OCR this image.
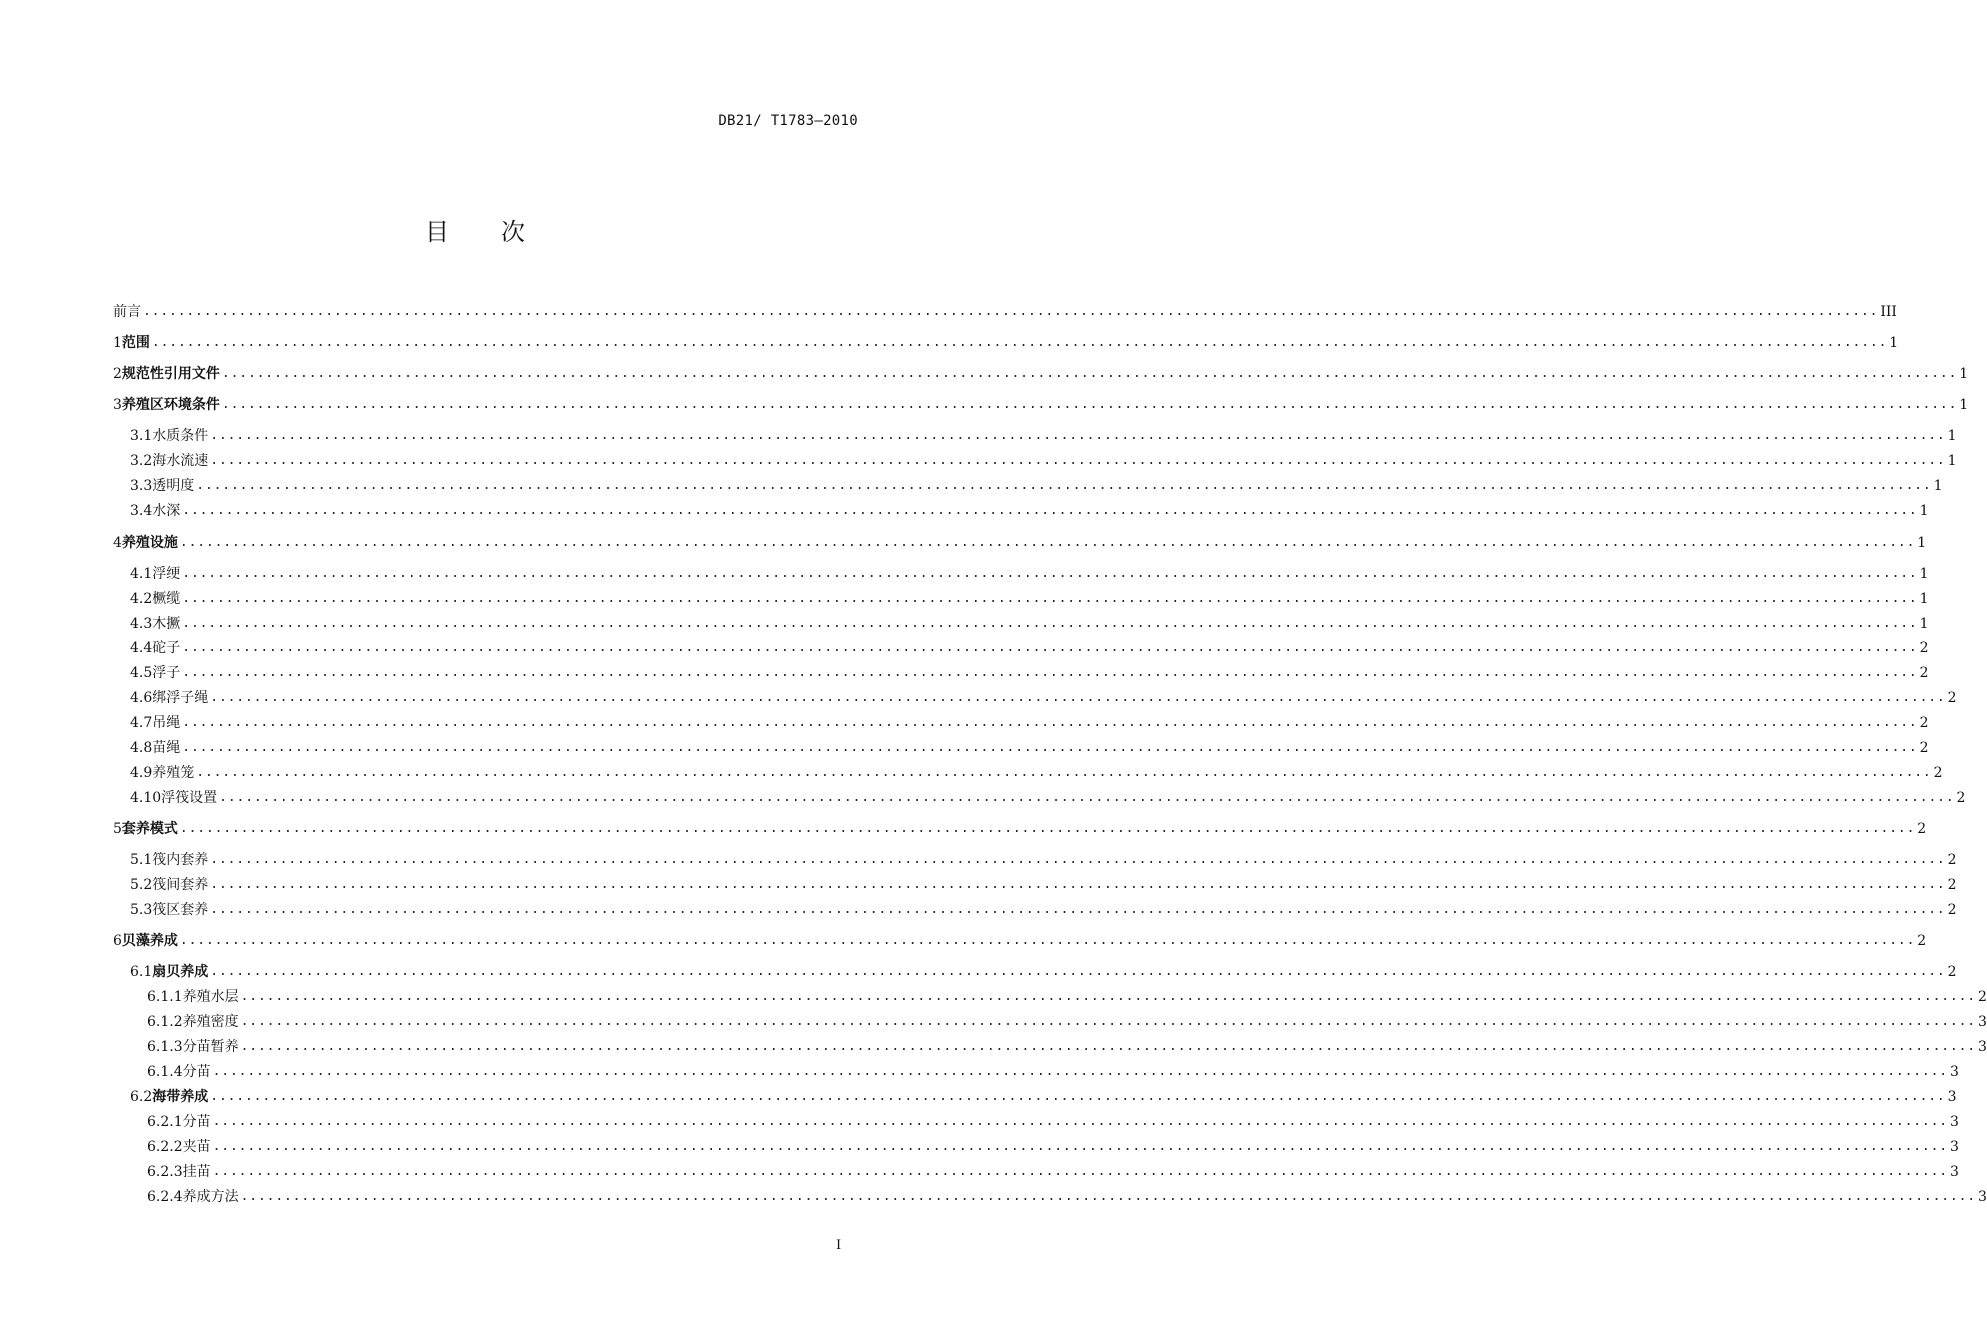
DB21/ T1783—2010
目 次
前言 ........................................................................................................................................................................................................ III
1 范围 ........................................................................................................................................................................................................ 1
2 规范性引用文件 ........................................................................................................................................................................................................ 1
3 养殖区环境条件 ........................................................................................................................................................................................................ 1
3.1 水质条件 ........................................................................................................................................................................................................ 1
3.2 海水流速 ........................................................................................................................................................................................................ 1
3.3 透明度 ........................................................................................................................................................................................................ 1
3.4 水深 ........................................................................................................................................................................................................ 1
4 养殖设施 ........................................................................................................................................................................................................ 1
4.1 浮绠 ........................................................................................................................................................................................................ 1
4.2 橛缆 ........................................................................................................................................................................................................ 1
4.3 木撅 ........................................................................................................................................................................................................ 1
4.4 砣子 ........................................................................................................................................................................................................ 2
4.5 浮子 ........................................................................................................................................................................................................ 2
4.6 绑浮子绳 ........................................................................................................................................................................................................ 2
4.7 吊绳 ........................................................................................................................................................................................................ 2
4.8 苗绳 ........................................................................................................................................................................................................ 2
4.9 养殖笼 ........................................................................................................................................................................................................ 2
4.10 浮筏设置 ........................................................................................................................................................................................................ 2
5 套养模式 ........................................................................................................................................................................................................ 2
5.1 筏内套养 ........................................................................................................................................................................................................ 2
5.2 筏间套养 ........................................................................................................................................................................................................ 2
5.3 筏区套养 ........................................................................................................................................................................................................ 2
6 贝藻养成 ........................................................................................................................................................................................................ 2
6.1 扇贝养成 ........................................................................................................................................................................................................ 2
6.1.1 养殖水层 ........................................................................................................................................................................................................ 2
6.1.2 养殖密度 ........................................................................................................................................................................................................ 3
6.1.3 分苗暂养 ........................................................................................................................................................................................................ 3
6.1.4 分苗 ........................................................................................................................................................................................................ 3
6.2 海带养成 ........................................................................................................................................................................................................ 3
6.2.1 分苗 ........................................................................................................................................................................................................ 3
6.2.2 夹苗 ........................................................................................................................................................................................................ 3
6.2.3 挂苗 ........................................................................................................................................................................................................ 3
6.2.4 养成方法 ........................................................................................................................................................................................................ 3
I
